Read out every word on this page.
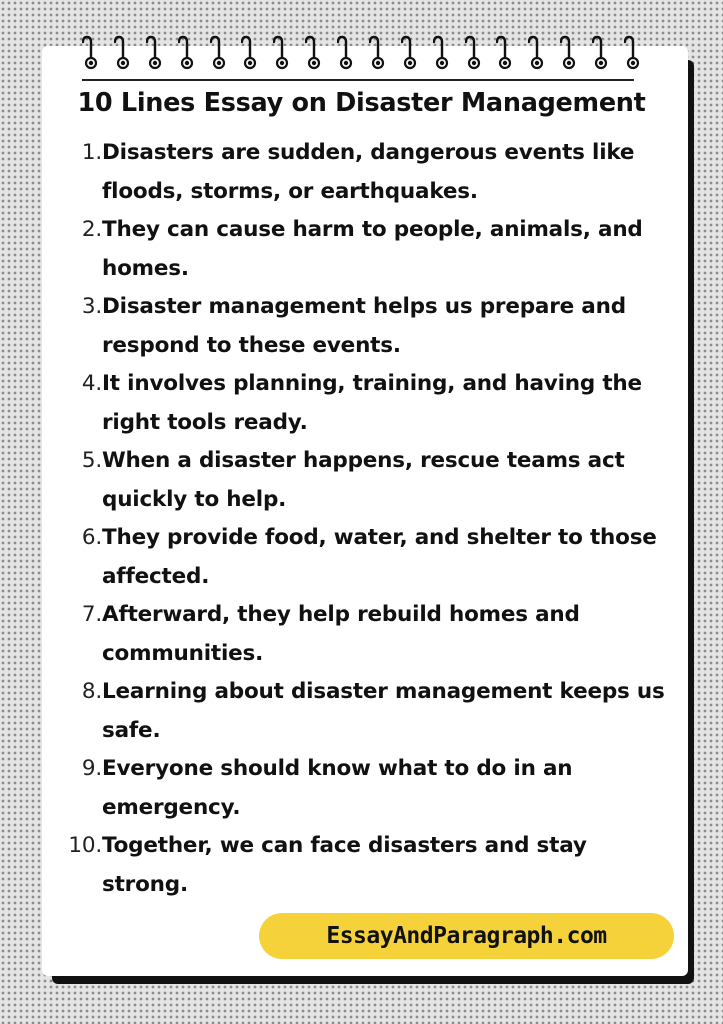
10 Lines Essay on Disaster Management
1. Disasters are sudden, dangerous events like floods, storms, or earthquakes.
2. They can cause harm to people, animals, and homes.
3. Disaster management helps us prepare and respond to these events.
4. It involves planning, training, and having the right tools ready.
5. When a disaster happens, rescue teams act quickly to help.
6. They provide food, water, and shelter to those affected.
7. Afterward, they help rebuild homes and communities.
8. Learning about disaster management keeps us safe.
9. Everyone should know what to do in an emergency.
10. Together, we can face disasters and stay strong.
EssayAndParagraph.com
